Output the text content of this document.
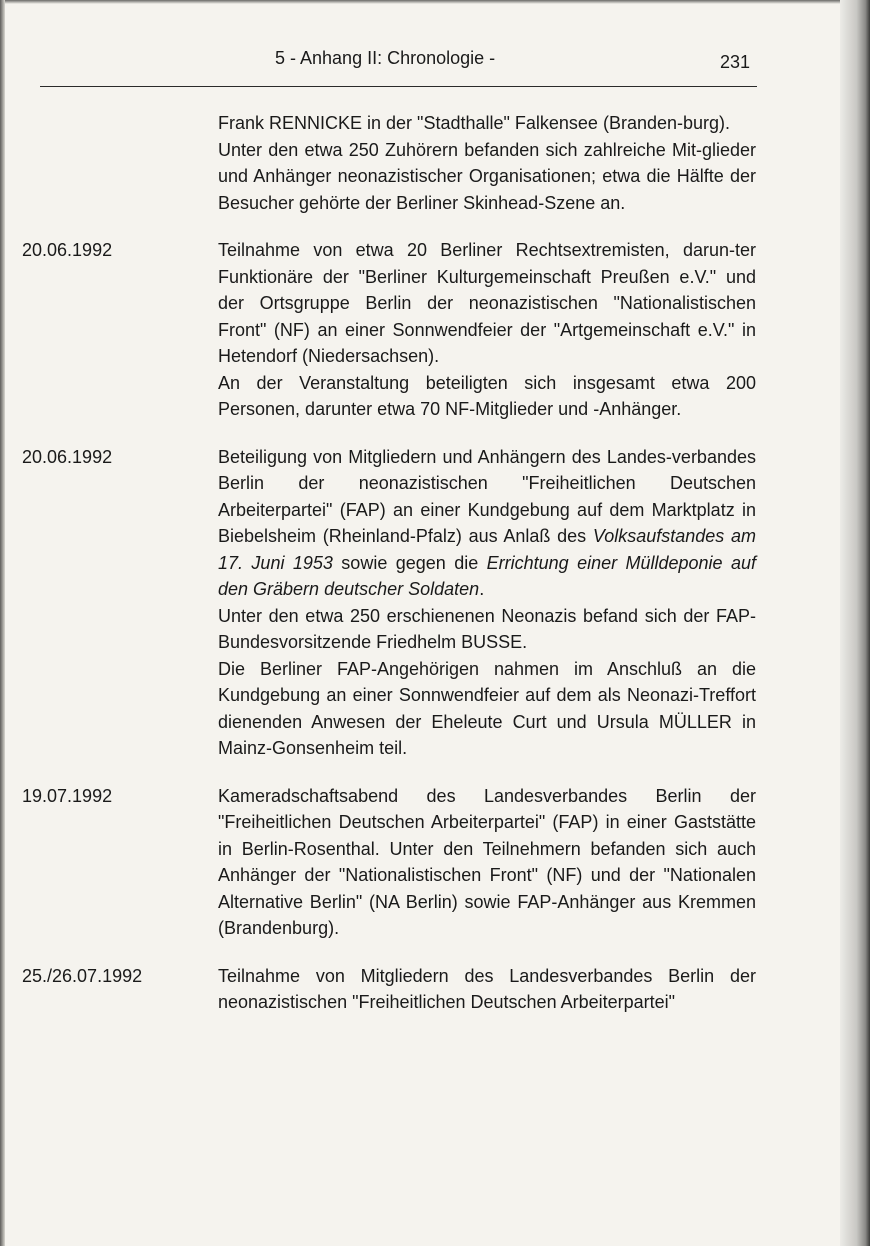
5 - Anhang II: Chronologie -	231

Frank RENNICKE in der "Stadthalle" Falkensee (Branden-burg).

Unter den etwa 250 Zuhörern befanden sich zahlreiche Mit-glieder und Anhänger neonazistischer Organisationen; etwa die Hälfte der Besucher gehörte der Berliner Skinhead-Szene an.

20.06.1992	Teilnahme von etwa 20 Berliner Rechtsextremisten, darun-ter Funktionäre der "Berliner Kulturgemeinschaft Preußen e.V." und der Ortsgruppe Berlin der neonazistischen "Nationalistischen Front" (NF) an einer Sonnwendfeier der "Artgemeinschaft e.V." in Hetendorf (Niedersachsen).

An der Veranstaltung beteiligten sich insgesamt etwa 200 Personen, darunter etwa 70 NF-Mitglieder und -Anhänger.

20.06.1992	Beteiligung von Mitgliedern und Anhängern des Landes-verbandes Berlin der neonazistischen "Freiheitlichen Deutschen Arbeiterpartei" (FAP) an einer Kundgebung auf dem Marktplatz in Biebelsheim (Rheinland-Pfalz) aus Anlaß des Volksaufstandes am 17. Juni 1953 sowie gegen die Errichtung einer Mülldeponie auf den Gräbern deutscher Soldaten.

Unter den etwa 250 erschienenen Neonazis befand sich der FAP-Bundesvorsitzende Friedhelm BUSSE.

Die Berliner FAP-Angehörigen nahmen im Anschluß an die Kundgebung an einer Sonnwendfeier auf dem als Neonazi-Treffort dienenden Anwesen der Eheleute Curt und Ursula MÜLLER in Mainz-Gonsenheim teil.

19.07.1992	Kameradschaftsabend des Landesverbandes Berlin der "Freiheitlichen Deutschen Arbeiterpartei" (FAP) in einer Gaststätte in Berlin-Rosenthal. Unter den Teilnehmern befanden sich auch Anhänger der "Nationalistischen Front" (NF) und der "Nationalen Alternative Berlin" (NA Berlin) sowie FAP-Anhänger aus Kremmen (Brandenburg).

25./26.07.1992	Teilnahme von Mitgliedern des Landesverbandes Berlin der neonazistischen "Freiheitlichen Deutschen Arbeiterpartei"
